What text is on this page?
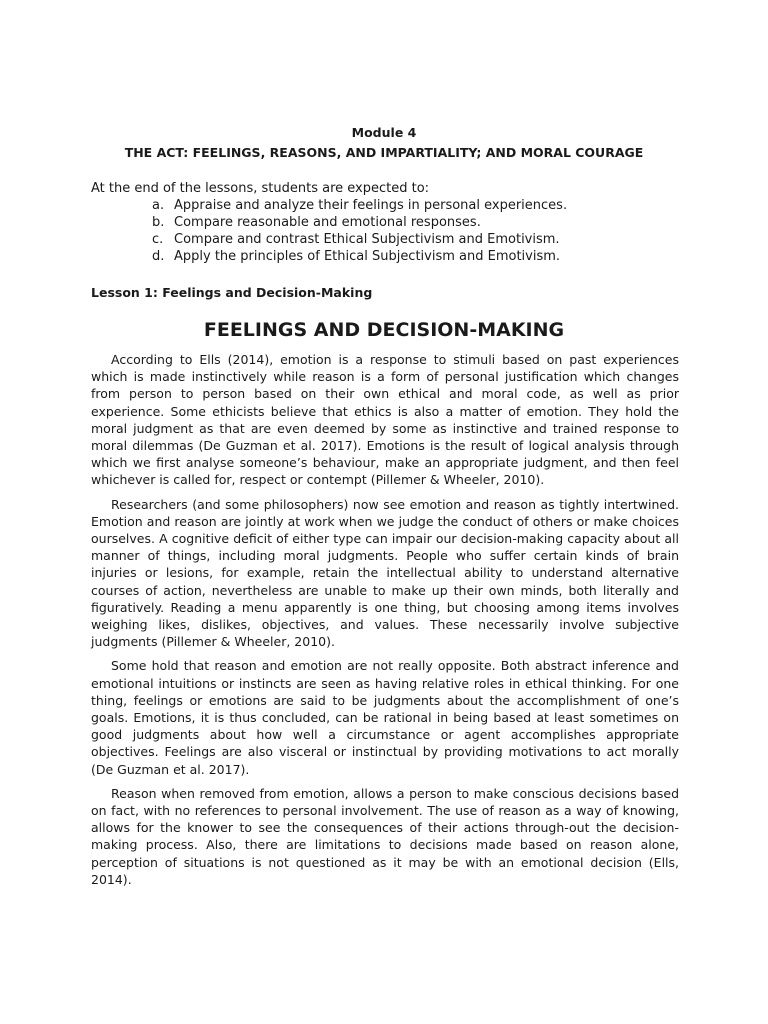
Module 4
THE ACT: FEELINGS, REASONS, AND IMPARTIALITY; AND MORAL COURAGE
At the end of the lessons, students are expected to:
a. Appraise and analyze their feelings in personal experiences.
b. Compare reasonable and emotional responses.
c. Compare and contrast Ethical Subjectivism and Emotivism.
d. Apply the principles of Ethical Subjectivism and Emotivism.
Lesson 1: Feelings and Decision-Making
FEELINGS AND DECISION-MAKING

According to Ells (2014), emotion is a response to stimuli based on past experiences which is made instinctively while reason is a form of personal justification which changes from person to person based on their own ethical and moral code, as well as prior experience. Some ethicists believe that ethics is also a matter of emotion. They hold the moral judgment as that are even deemed by some as instinctive and trained response to moral dilemmas (De Guzman et al. 2017). Emotions is the result of logical analysis through which we first analyse someone’s behaviour, make an appropriate judgment, and then feel whichever is called for, respect or contempt (Pillemer & Wheeler, 2010).

Researchers (and some philosophers) now see emotion and reason as tightly intertwined. Emotion and reason are jointly at work when we judge the conduct of others or make choices ourselves. A cognitive deficit of either type can impair our decision-making capacity about all manner of things, including moral judgments. People who suffer certain kinds of brain injuries or lesions, for example, retain the intellectual ability to understand alternative courses of action, nevertheless are unable to make up their own minds, both literally and figuratively. Reading a menu apparently is one thing, but choosing among items involves weighing likes, dislikes, objectives, and values. These necessarily involve subjective judgments (Pillemer & Wheeler, 2010).

Some hold that reason and emotion are not really opposite. Both abstract inference and emotional intuitions or instincts are seen as having relative roles in ethical thinking. For one thing, feelings or emotions are said to be judgments about the accomplishment of one’s goals. Emotions, it is thus concluded, can be rational in being based at least sometimes on good judgments about how well a circumstance or agent accomplishes appropriate objectives. Feelings are also visceral or instinctual by providing motivations to act morally (De Guzman et al. 2017).

Reason when removed from emotion, allows a person to make conscious decisions based on fact, with no references to personal involvement. The use of reason as a way of knowing, allows for the knower to see the consequences of their actions through-out the decision-making process. Also, there are limitations to decisions made based on reason alone, perception of situations is not questioned as it may be with an emotional decision (Ells, 2014).
